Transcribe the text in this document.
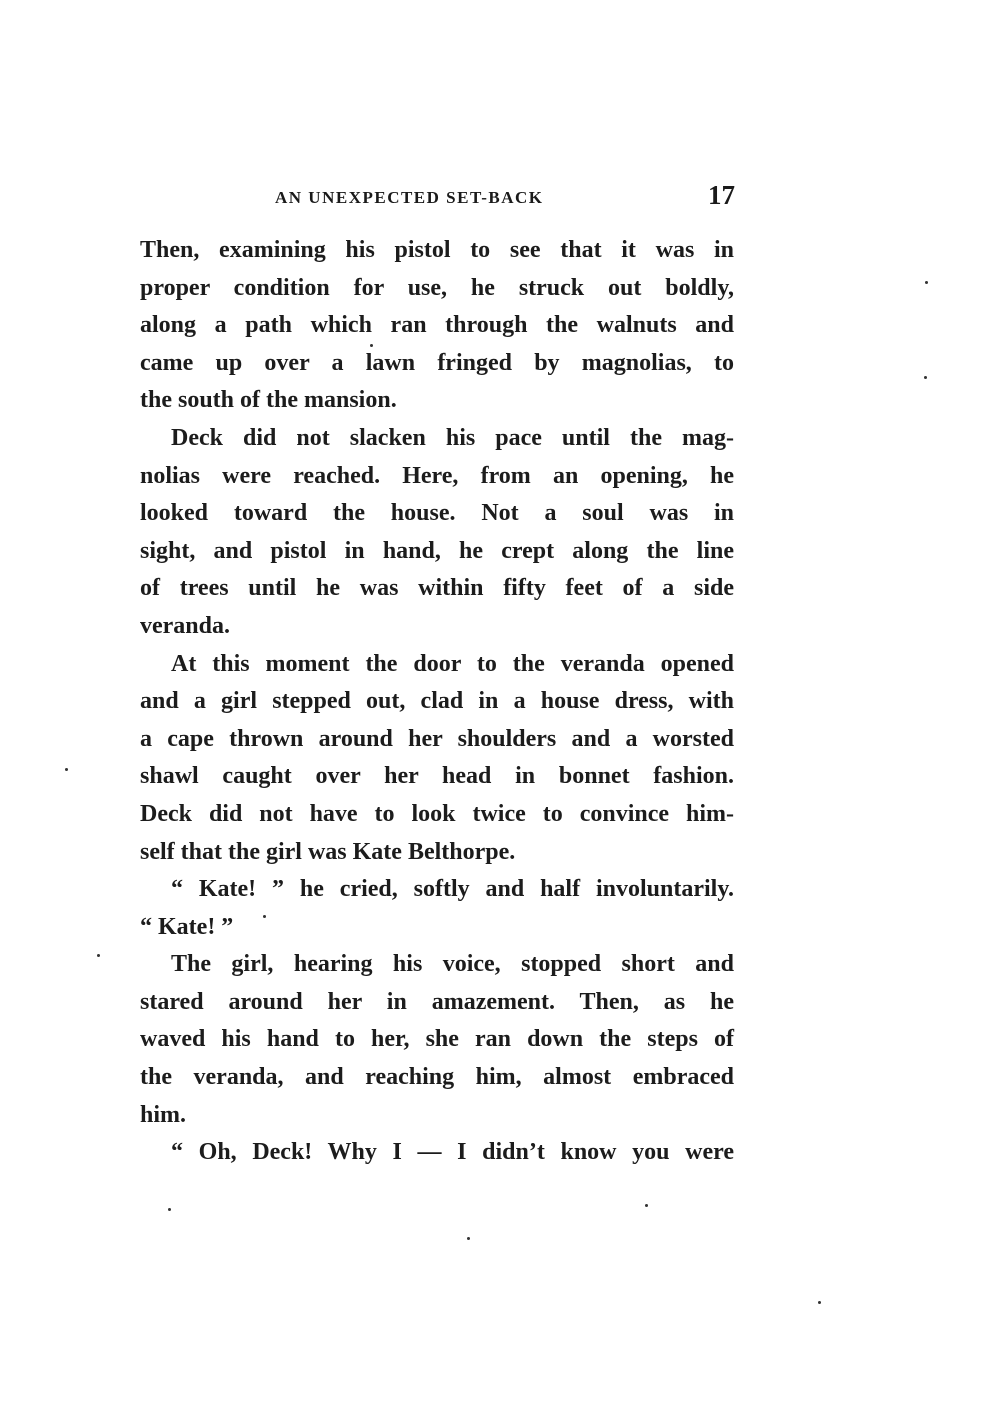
AN UNEXPECTED SET-BACK	17
Then, examining his pistol to see that it was in
proper condition for use, he struck out boldly,
along a path which ran through the walnuts and
came up over a lawn fringed by magnolias, to
the south of the mansion.
Deck did not slacken his pace until the mag-
nolias were reached. Here, from an opening, he
looked toward the house. Not a soul was in
sight, and pistol in hand, he crept along the line
of trees until he was within fifty feet of a side
veranda.
At this moment the door to the veranda opened
and a girl stepped out, clad in a house dress, with
a cape thrown around her shoulders and a worsted
shawl caught over her head in bonnet fashion.
Deck did not have to look twice to convince him-
self that the girl was Kate Belthorpe.
“ Kate! ” he cried, softly and half involuntarily.
“ Kate! ”
The girl, hearing his voice, stopped short and
stared around her in amazement. Then, as he
waved his hand to her, she ran down the steps of
the veranda, and reaching him, almost embraced
him.
“ Oh, Deck! Why I — I didn’t know you were
